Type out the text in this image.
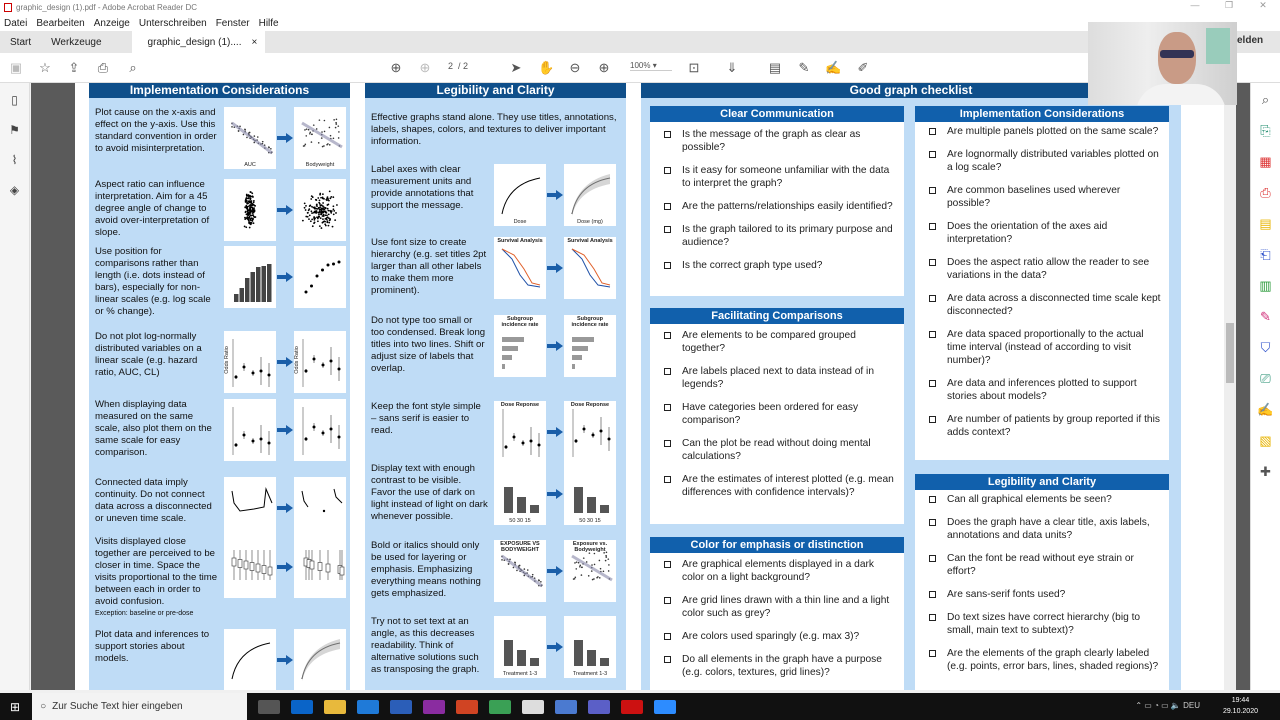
graphic_design (1).pdf - Adobe Acrobat Reader DC	—	❐	✕
Datei Bearbeiten Anzeige Unterschreiben Fenster Hilfe
Start	Werkzeuge	graphic_design (1).... ×
▣ ☆ ⇪ ⎙	⌕	⊕ ⊕ 2 / 2	➤ ✋ ⊖ ⊕	100% ▾	⊡ ⇓ ▤ ✎ ✍ ✐
▯
⚑
⌇
◈
Implementation Considerations
Plot cause on the x-axis and effect on the y-axis. Use this standard convention in order to avoid misinterpretation.
AUC	Bodyweight
Aspect ratio can influence interpretation. Aim for a 45 degree angle of change to avoid over-interpretation of slope.
Use position for comparisons rather than length (i.e. dots instead of bars), especially for non-linear scales (e.g. log scale or % change).
Do not plot log-normally distributed variables on a linear scale (e.g. hazard ratio, AUC, CL)	Odds Ratio	Odds Ratio
When displaying data measured on the same scale, also plot them on the same scale for easy comparison.
Connected data imply continuity. Do not connect data across a disconnected or uneven time scale.
Visits displayed close together are perceived to be closer in time. Space the visits proportional to the time between each in order to avoid confusion.
Exception: baseline or pre-dose
Plot data and inferences to support stories about models.
Legibility and Clarity
Effective graphs stand alone. They use titles, annotations, labels, shapes, colors, and textures to deliver important information.
Label axes with clear measurement units and provide annotations that support the message.
Dose	Dose (mg)
Use font size to create hierarchy (e.g. set titles 2pt larger than all other labels to make them more prominent).
Survival Analysis	Survival Analysis
Do not type too small or too condensed. Break long titles into two lines. Shift or adjust size of labels that overlap.
Subgroup incidence rate
Subgroup incidence rate
Keep the font style simple – sans serif is easier to read.
Dose Reponse	Dose Reponse
Display text with enough contrast to be visible. Favor the use of dark on light instead of light on dark whenever possible.	50 30 15	50 30 15
Bold or italics should only be used for layering or emphasis. Emphasizing everything means nothing gets emphasized.
EXPOSURE VS BODYWEIGHT
Exposure vs. Bodyweight
Try not to set text at an angle, as this decreases readability. Think of alternative solutions such as transposing the graph.	Treatment 1-3	Treatment 1-3
Good graph checklist
Clear Communication
Is the message of the graph as clear as possible?
Is it easy for someone unfamiliar with the data to interpret the graph?
Are the patterns/relationships easily identified?
Is the graph tailored to its primary purpose and audience?
Is the correct graph type used?
Facilitating Comparisons
Are elements to be compared grouped together?
Are labels placed next to data instead of in legends?
Have categories been ordered for easy comparison?
Can the plot be read without doing mental calculations?
Are the estimates of interest plotted (e.g. mean differences with confidence intervals)?
Color for emphasis or distinction
Are graphical elements displayed in a dark color on a light background?
Are grid lines drawn with a thin line and a light color such as grey?
Are colors used sparingly (e.g. max 3)?
Do all elements in the graph have a purpose (e.g. colors, textures, grid lines)?
Implementation Considerations
Are multiple panels plotted on the same scale?
Are lognormally distributed variables plotted on a log scale?
Are common baselines used wherever possible?
Does the orientation of the axes aid interpretation?
Does the aspect ratio allow the reader to see variations in the data?
Are data across a disconnected time scale kept disconnected?
Are data spaced proportionally to the actual time interval (instead of according to visit number)?
Are data and inferences plotted to support stories about models?
Are number of patients by group reported if this adds context?
Legibility and Clarity
Can all graphical elements be seen?
Does the graph have a clear title, axis labels, annotations and data units?
Can the font be read without eye strain or effort?
Are sans-serif fonts used?
Do text sizes have correct hierarchy (big to small, main text to subtext)?
Are the elements of the graph clearly labeled (e.g. points, error bars, lines, shaded regions)?
⌕
⎘
▦
⎙
▤
⎗
▥
✎
⛉
⎚
✍
▧
✚
elden
⊞ ○ Zur Suche Text hier eingeben	⌃ ▭ ◔ ▭ 🔈 DEU
19:44
29.10.2020
